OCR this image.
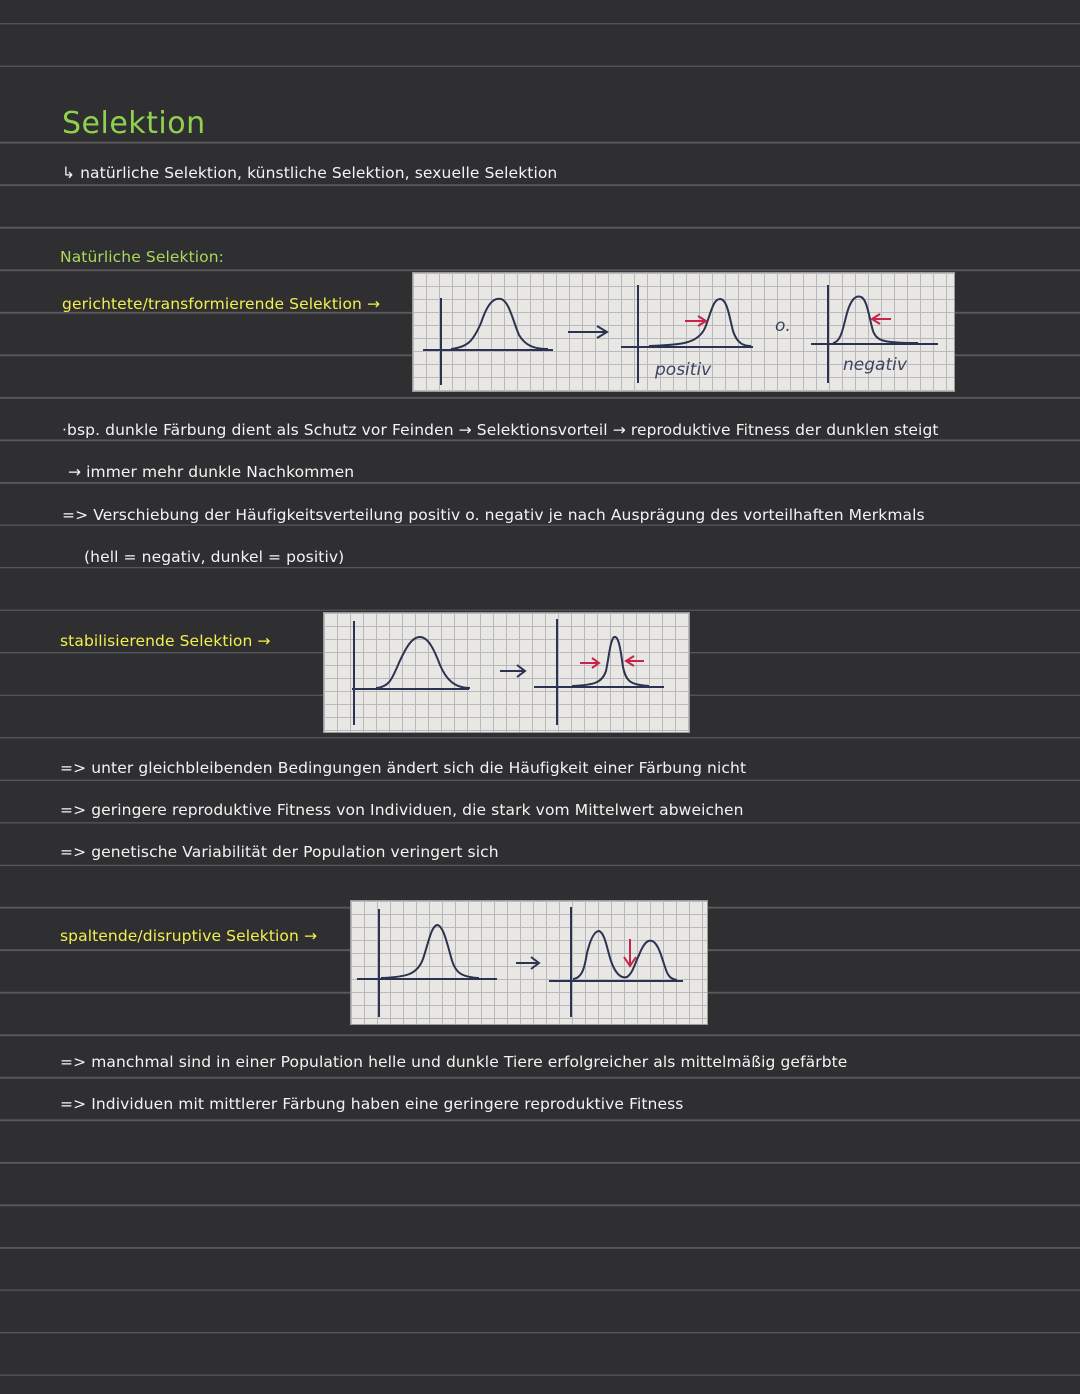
Selektion
↳ natürliche Selektion, künstliche Selektion, sexuelle Selektion
Natürliche Selektion:
gerichtete/transformierende Selektion →
positiv
o.
negativ
·bsp. dunkle Färbung dient als Schutz vor Feinden → Selektionsvorteil → reproduktive Fitness der dunklen steigt
→ immer mehr dunkle Nachkommen
=> Verschiebung der Häufigkeitsverteilung positiv o. negativ je nach Ausprägung des vorteilhaften Merkmals
(hell = negativ, dunkel = positiv)
stabilisierende Selektion →
=> unter gleichbleibenden Bedingungen ändert sich die Häufigkeit einer Färbung nicht
=> geringere reproduktive Fitness von Individuen, die stark vom Mittelwert abweichen
=> genetische Variabilität der Population veringert sich
spaltende/disruptive Selektion →
=> manchmal sind in einer Population helle und dunkle Tiere erfolgreicher als mittelmäßig gefärbte
=> Individuen mit mittlerer Färbung haben eine geringere reproduktive Fitness
